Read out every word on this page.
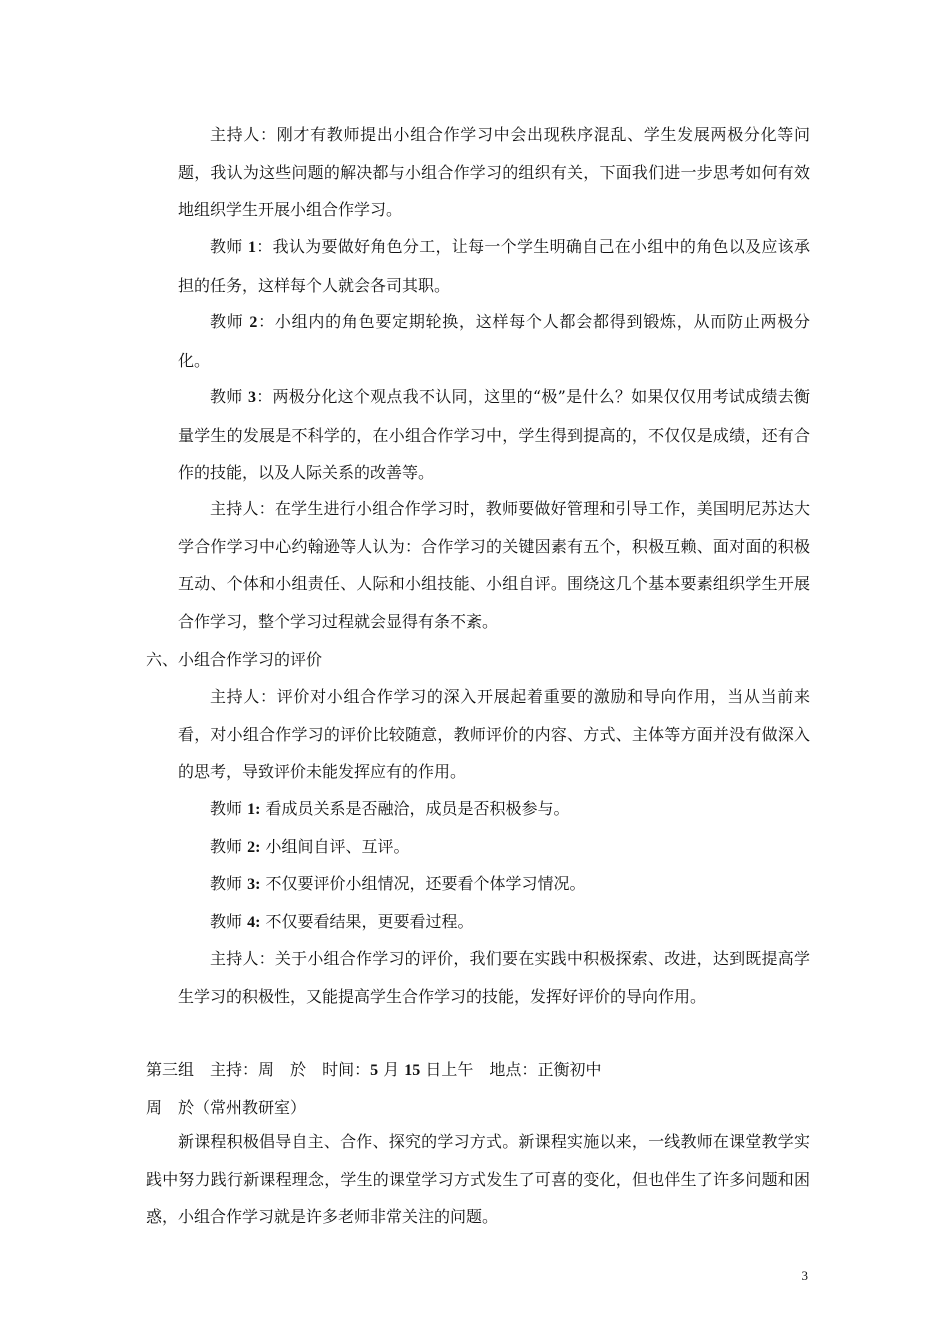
主持人：刚才有教师提出小组合作学习中会出现秩序混乱、学生发展两极分化等问题，我认为这些问题的解决都与小组合作学习的组织有关，下面我们进一步思考如何有效地组织学生开展小组合作学习。
教师 1：我认为要做好角色分工，让每一个学生明确自己在小组中的角色以及应该承担的任务，这样每个人就会各司其职。
教师 2：小组内的角色要定期轮换，这样每个人都会都得到锻炼，从而防止两极分化。
教师 3：两极分化这个观点我不认同，这里的“极”是什么？如果仅仅用考试成绩去衡量学生的发展是不科学的，在小组合作学习中，学生得到提高的，不仅仅是成绩，还有合作的技能，以及人际关系的改善等。
主持人：在学生进行小组合作学习时，教师要做好管理和引导工作，美国明尼苏达大学合作学习中心约翰逊等人认为：合作学习的关键因素有五个，积极互赖、面对面的积极互动、个体和小组责任、人际和小组技能、小组自评。围绕这几个基本要素组织学生开展合作学习，整个学习过程就会显得有条不紊。
六、小组合作学习的评价
主持人：评价对小组合作学习的深入开展起着重要的激励和导向作用，当从当前来看，对小组合作学习的评价比较随意，教师评价的内容、方式、主体等方面并没有做深入的思考，导致评价未能发挥应有的作用。
教师 1: 看成员关系是否融洽，成员是否积极参与。
教师 2: 小组间自评、互评。
教师 3: 不仅要评价小组情况，还要看个体学习情况。
教师 4: 不仅要看结果，更要看过程。
主持人：关于小组合作学习的评价，我们要在实践中积极探索、改进，达到既提高学生学习的积极性，又能提高学生合作学习的技能，发挥好评价的导向作用。
第三组　 主持：周　於　 时间：5 月 15 日上午　 地点：正衡初中
周　於（常州教研室）
新课程积极倡导自主、合作、探究的学习方式。新课程实施以来，一线教师在课堂教学实践中努力践行新课程理念，学生的课堂学习方式发生了可喜的变化，但也伴生了许多问题和困惑，小组合作学习就是许多老师非常关注的问题。
3
